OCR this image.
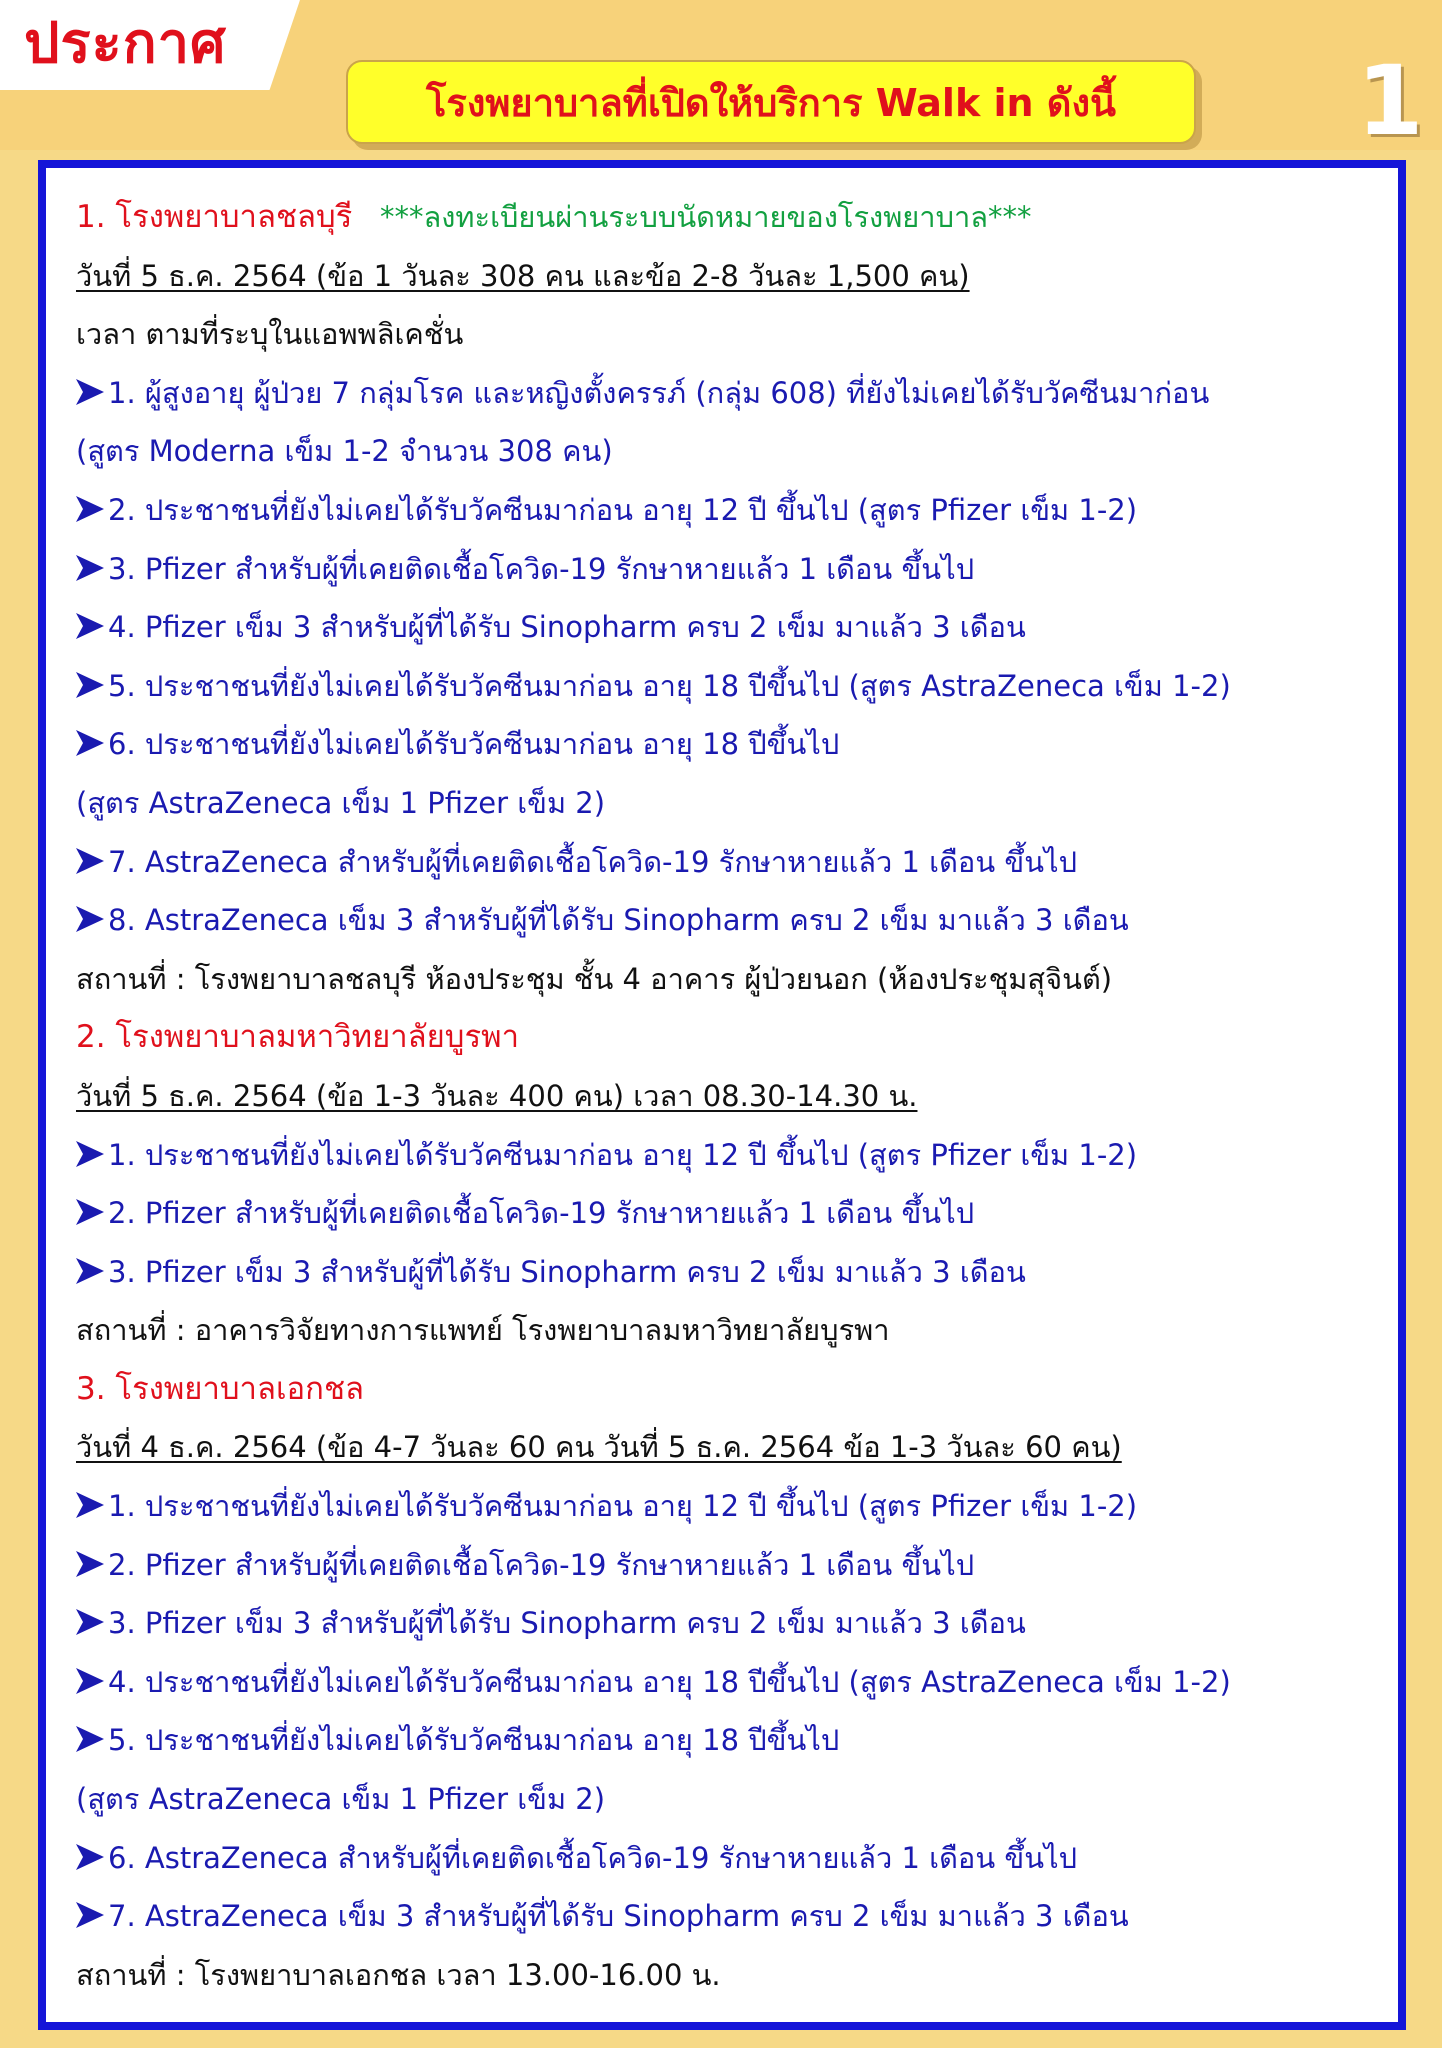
ประกาศ
โรงพยาบาลที่เปิดให้บริการ Walk in ดังนี้	1
1. โรงพยาบาลชลบุรี ***ลงทะเบียนผ่านระบบนัดหมายของโรงพยาบาล***
วันที่ 5 ธ.ค. 2564 (ข้อ 1 วันละ 308 คน และข้อ 2-8 วันละ 1,500 คน)
เวลา ตามที่ระบุในแอพพลิเคชั่น
1. ผู้สูงอายุ ผู้ป่วย 7 กลุ่มโรค และหญิงตั้งครรภ์ (กลุ่ม 608) ที่ยังไม่เคยได้รับวัคซีนมาก่อน
(สูตร Moderna เข็ม 1-2 จำนวน 308 คน)
2. ประชาชนที่ยังไม่เคยได้รับวัคซีนมาก่อน อายุ 12 ปี ขึ้นไป (สูตร Pfizer เข็ม 1-2)
3. Pfizer สำหรับผู้ที่เคยติดเชื้อโควิด-19 รักษาหายแล้ว 1 เดือน ขึ้นไป
4. Pfizer เข็ม 3 สำหรับผู้ที่ได้รับ Sinopharm ครบ 2 เข็ม มาแล้ว 3 เดือน
5. ประชาชนที่ยังไม่เคยได้รับวัคซีนมาก่อน อายุ 18 ปีขึ้นไป (สูตร AstraZeneca เข็ม 1-2)
6. ประชาชนที่ยังไม่เคยได้รับวัคซีนมาก่อน อายุ 18 ปีขึ้นไป
(สูตร AstraZeneca เข็ม 1 Pfizer เข็ม 2)
7. AstraZeneca สำหรับผู้ที่เคยติดเชื้อโควิด-19 รักษาหายแล้ว 1 เดือน ขึ้นไป
8. AstraZeneca เข็ม 3 สำหรับผู้ที่ได้รับ Sinopharm ครบ 2 เข็ม มาแล้ว 3 เดือน
สถานที่ : โรงพยาบาลชลบุรี ห้องประชุม ชั้น 4 อาคาร ผู้ป่วยนอก (ห้องประชุมสุจินต์)
2. โรงพยาบาลมหาวิทยาลัยบูรพา
วันที่ 5 ธ.ค. 2564 (ข้อ 1-3 วันละ 400 คน) เวลา 08.30-14.30 น.
1. ประชาชนที่ยังไม่เคยได้รับวัคซีนมาก่อน อายุ 12 ปี ขึ้นไป (สูตร Pfizer เข็ม 1-2)
2. Pfizer สำหรับผู้ที่เคยติดเชื้อโควิด-19 รักษาหายแล้ว 1 เดือน ขึ้นไป
3. Pfizer เข็ม 3 สำหรับผู้ที่ได้รับ Sinopharm ครบ 2 เข็ม มาแล้ว 3 เดือน
สถานที่ : อาคารวิจัยทางการแพทย์ โรงพยาบาลมหาวิทยาลัยบูรพา
3. โรงพยาบาลเอกชล
วันที่ 4 ธ.ค. 2564 (ข้อ 4-7 วันละ 60 คน วันที่ 5 ธ.ค. 2564 ข้อ 1-3 วันละ 60 คน)
1. ประชาชนที่ยังไม่เคยได้รับวัคซีนมาก่อน อายุ 12 ปี ขึ้นไป (สูตร Pfizer เข็ม 1-2)
2. Pfizer สำหรับผู้ที่เคยติดเชื้อโควิด-19 รักษาหายแล้ว 1 เดือน ขึ้นไป
3. Pfizer เข็ม 3 สำหรับผู้ที่ได้รับ Sinopharm ครบ 2 เข็ม มาแล้ว 3 เดือน
4. ประชาชนที่ยังไม่เคยได้รับวัคซีนมาก่อน อายุ 18 ปีขึ้นไป (สูตร AstraZeneca เข็ม 1-2)
5. ประชาชนที่ยังไม่เคยได้รับวัคซีนมาก่อน อายุ 18 ปีขึ้นไป
(สูตร AstraZeneca เข็ม 1 Pfizer เข็ม 2)
6. AstraZeneca สำหรับผู้ที่เคยติดเชื้อโควิด-19 รักษาหายแล้ว 1 เดือน ขึ้นไป
7. AstraZeneca เข็ม 3 สำหรับผู้ที่ได้รับ Sinopharm ครบ 2 เข็ม มาแล้ว 3 เดือน
สถานที่ : โรงพยาบาลเอกชล เวลา 13.00-16.00 น.
